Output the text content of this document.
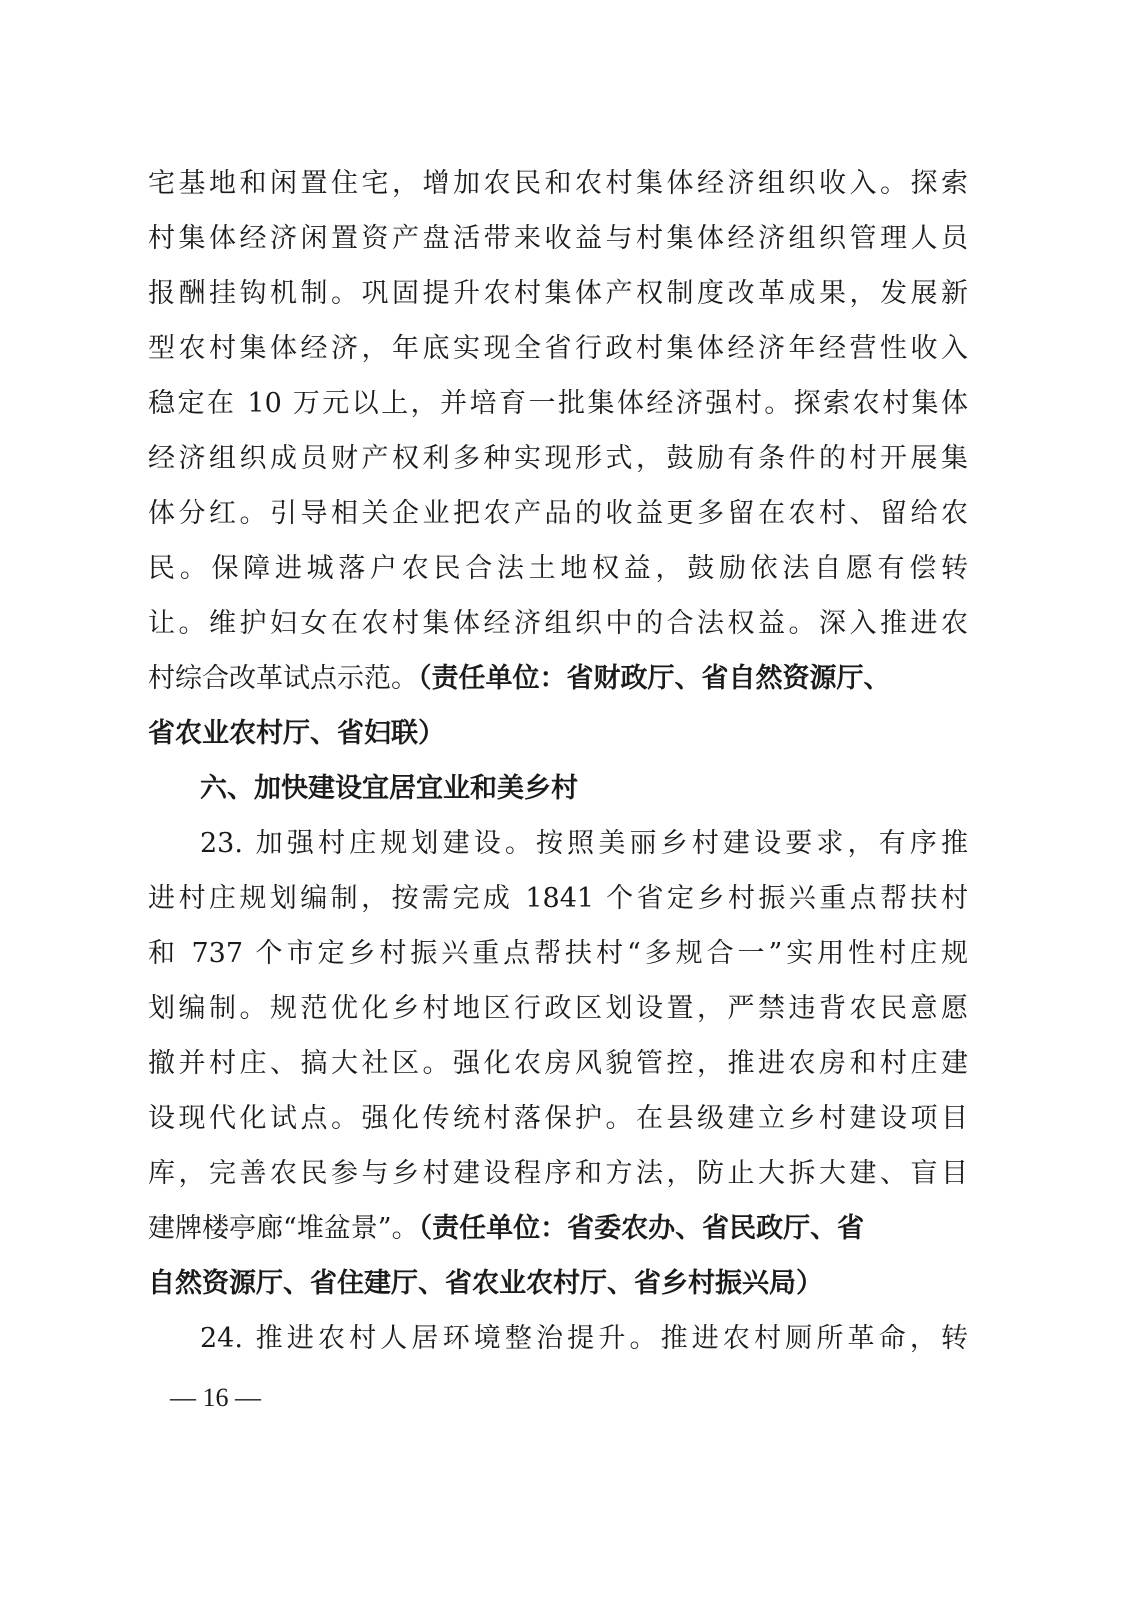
宅基地和闲置住宅，增加农民和农村集体经济组织收入。探索
村集体经济闲置资产盘活带来收益与村集体经济组织管理人员
报酬挂钩机制。巩固提升农村集体产权制度改革成果，发展新
型农村集体经济，年底实现全省行政村集体经济年经营性收入
稳定在 10 万元以上，并培育一批集体经济强村。探索农村集体
经济组织成员财产权利多种实现形式，鼓励有条件的村开展集
体分红。引导相关企业把农产品的收益更多留在农村、留给农
民。保障进城落户农民合法土地权益，鼓励依法自愿有偿转
让。维护妇女在农村集体经济组织中的合法权益。深入推进农
村综合改革试点示范。（责任单位：省财政厅、省自然资源厅、
省农业农村厅、省妇联）
六、加快建设宜居宜业和美乡村
23. 加强村庄规划建设。按照美丽乡村建设要求，有序推
进村庄规划编制，按需完成 1841 个省定乡村振兴重点帮扶村
和 737 个市定乡村振兴重点帮扶村“多规合一”实用性村庄规
划编制。规范优化乡村地区行政区划设置，严禁违背农民意愿
撤并村庄、搞大社区。强化农房风貌管控，推进农房和村庄建
设现代化试点。强化传统村落保护。在县级建立乡村建设项目
库，完善农民参与乡村建设程序和方法，防止大拆大建、盲目
建牌楼亭廊“堆盆景”。（责任单位：省委农办、省民政厅、省
自然资源厅、省住建厅、省农业农村厅、省乡村振兴局）
24. 推进农村人居环境整治提升。推进农村厕所革命，转
— 16 —
